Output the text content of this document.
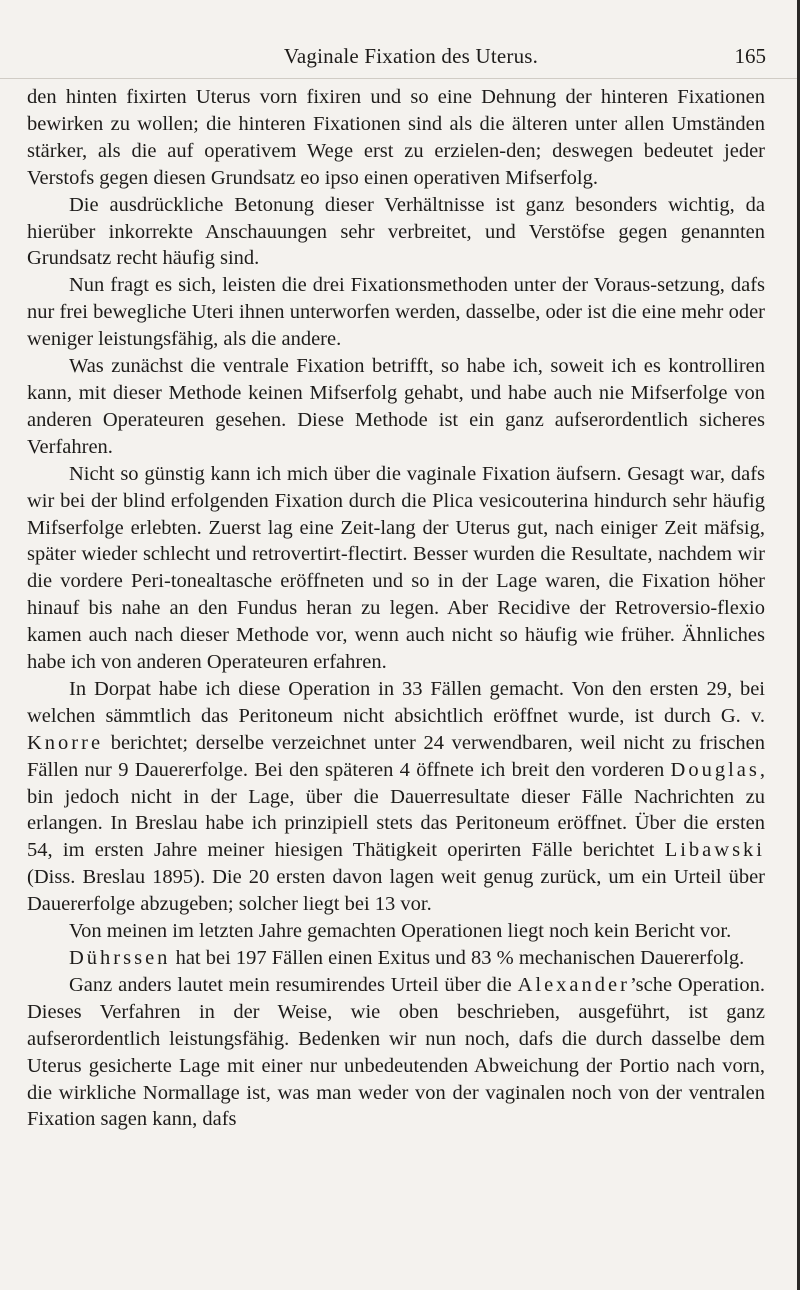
Vaginale Fixation des Uterus.	165

den hinten fixirten Uterus vorn fixiren und so eine Dehnung der hinteren Fixationen bewirken zu wollen; die hinteren Fixationen sind als die älteren unter allen Umständen stärker, als die auf operativem Wege erst zu erzielen-den; deswegen bedeutet jeder Verstofs gegen diesen Grundsatz eo ipso einen operativen Mifserfolg.

Die ausdrückliche Betonung dieser Verhältnisse ist ganz besonders wichtig, da hierüber inkorrekte Anschauungen sehr verbreitet, und Verstöfse gegen genannten Grundsatz recht häufig sind.

Nun fragt es sich, leisten die drei Fixationsmethoden unter der Voraus-setzung, dafs nur frei bewegliche Uteri ihnen unterworfen werden, dasselbe, oder ist die eine mehr oder weniger leistungsfähig, als die andere.

Was zunächst die ventrale Fixation betrifft, so habe ich, soweit ich es kontrolliren kann, mit dieser Methode keinen Mifserfolg gehabt, und habe auch nie Mifserfolge von anderen Operateuren gesehen. Diese Methode ist ein ganz aufserordentlich sicheres Verfahren.

Nicht so günstig kann ich mich über die vaginale Fixation äufsern. Gesagt war, dafs wir bei der blind erfolgenden Fixation durch die Plica vesicouterina hindurch sehr häufig Mifserfolge erlebten. Zuerst lag eine Zeit-lang der Uterus gut, nach einiger Zeit mäfsig, später wieder schlecht und retrovertirt-flectirt. Besser wurden die Resultate, nachdem wir die vordere Peri-tonealtasche eröffneten und so in der Lage waren, die Fixation höher hinauf bis nahe an den Fundus heran zu legen. Aber Recidive der Retroversio-flexio kamen auch nach dieser Methode vor, wenn auch nicht so häufig wie früher. Ähnliches habe ich von anderen Operateuren erfahren.

In Dorpat habe ich diese Operation in 33 Fällen gemacht. Von den ersten 29, bei welchen sämmtlich das Peritoneum nicht absichtlich eröffnet wurde, ist durch G. v. Knorre berichtet; derselbe verzeichnet unter 24 verwendbaren, weil nicht zu frischen Fällen nur 9 Dauererfolge. Bei den späteren 4 öffnete ich breit den vorderen Douglas, bin jedoch nicht in der Lage, über die Dauerresultate dieser Fälle Nachrichten zu erlangen. In Breslau habe ich prinzipiell stets das Peritoneum eröffnet. Über die ersten 54, im ersten Jahre meiner hiesigen Thätigkeit operirten Fälle berichtet Libawski (Diss. Breslau 1895). Die 20 ersten davon lagen weit genug zurück, um ein Urteil über Dauererfolge abzugeben; solcher liegt bei 13 vor.

Von meinen im letzten Jahre gemachten Operationen liegt noch kein Bericht vor.

Dührssen hat bei 197 Fällen einen Exitus und 83 % mechanischen Dauererfolg.

Ganz anders lautet mein resumirendes Urteil über die Alexander’sche Operation. Dieses Verfahren in der Weise, wie oben beschrieben, ausgeführt, ist ganz aufserordentlich leistungsfähig. Bedenken wir nun noch, dafs die durch dasselbe dem Uterus gesicherte Lage mit einer nur unbedeutenden Abweichung der Portio nach vorn, die wirkliche Normallage ist, was man weder von der vaginalen noch von der ventralen Fixation sagen kann, dafs
